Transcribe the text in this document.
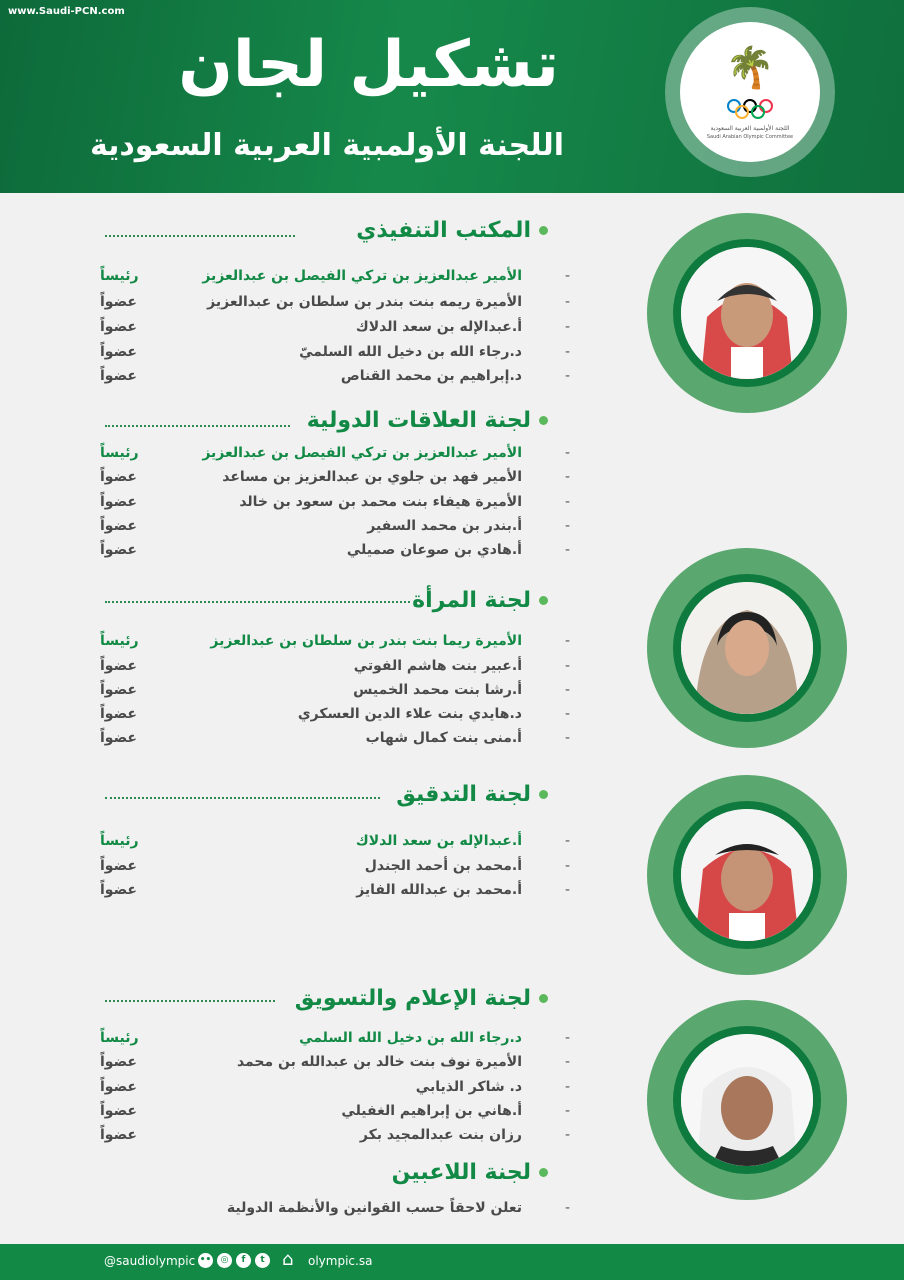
www.Saudi-PCN.com
تشكيل لجان
اللجنة الأولمبية العربية السعودية
🌴
اللجنة الأولمبية العربية السعودية
Saudi Arabian Olympic Committee
المكتب التنفيذي
-
الأمير عبدالعزيز بن تركي الفيصل بن عبدالعزيز
رئيساً
-
الأميرة ريمه بنت بندر بن سلطان بن عبدالعزيز
عضواً
-
أ.عبدالإله بن سعد الدلاك
عضواً
-
د.رجاء الله بن دخيل الله السلميّ
عضواً
-
د.إبراهيم بن محمد القناص
عضواً
لجنة العلاقات الدولية
-
الأمير عبدالعزيز بن تركي الفيصل بن عبدالعزيز
رئيساً
-
الأمير فهد بن جلوي بن عبدالعزيز بن مساعد
عضواً
-
الأميرة هيفاء بنت محمد بن سعود بن خالد
عضواً
-
أ.بندر بن محمد السفير
عضواً
-
أ.هادي بن صوعان صميلي
عضواً
لجنة المرأة
-
الأميرة ريما بنت بندر بن سلطان بن عبدالعزيز
رئيساً
-
أ.عبير بنت هاشم الفوتي
عضواً
-
أ.رشا بنت محمد الخميس
عضواً
-
د.هايدي بنت علاء الدين العسكري
عضواً
-
أ.منى بنت كمال شهاب
عضواً
لجنة التدقيق
-
أ.عبدالإله بن سعد الدلاك
رئيساً
-
أ.محمد بن أحمد الجندل
عضواً
-
أ.محمد بن عبدالله الفايز
عضواً
لجنة الإعلام والتسويق
-
د.رجاء الله بن دخيل الله السلمي
رئيساً
-
الأميرة نوف بنت خالد بن عبدالله بن محمد
عضواً
-
د. شاكر الذيابي
عضواً
-
أ.هاني بن إبراهيم الغفيلي
عضواً
-
رزان بنت عبدالمجيد بكر
عضواً
لجنة اللاعبين
-
تعلن لاحقاً حسب القوانين والأنظمة الدولية
@saudiolympic ••	◎	f	t ⌂ olympic.sa
